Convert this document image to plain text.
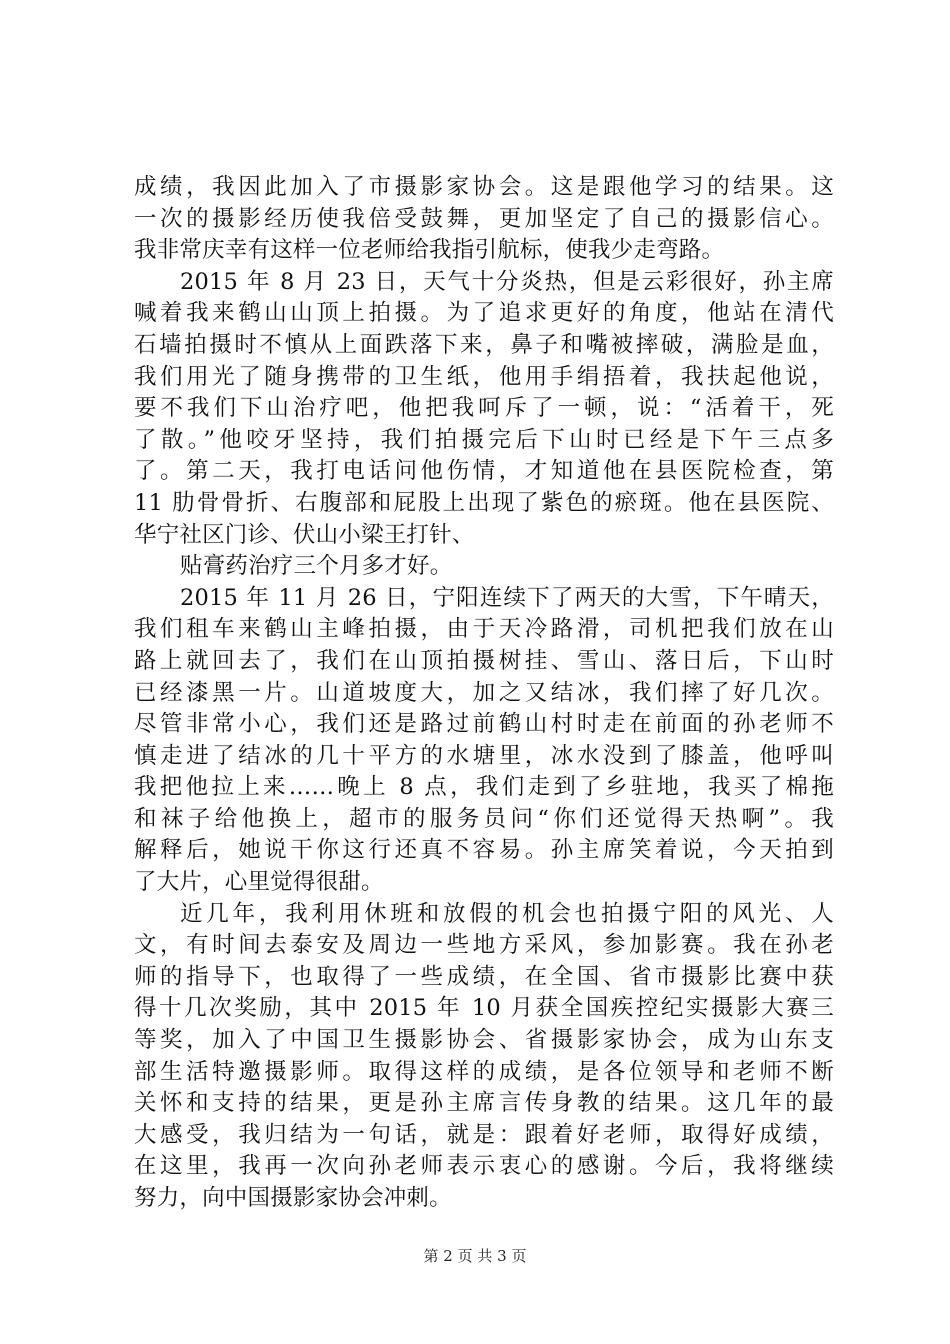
成绩，我因此加入了市摄影家协会。这是跟他学习的结果。这
一次的摄影经历使我倍受鼓舞，更加坚定了自己的摄影信心。
我非常庆幸有这样一位老师给我指引航标，使我少走弯路。
2015 年 8 月 23 日，天气十分炎热，但是云彩很好，孙主席
喊着我来鹤山山顶上拍摄。为了追求更好的角度，他站在清代
石墙拍摄时不慎从上面跌落下来，鼻子和嘴被摔破，满脸是血，
我们用光了随身携带的卫生纸，他用手绢捂着，我扶起他说，
要不我们下山治疗吧，他把我呵斥了一顿，说：“活着干，死
了散。”他咬牙坚持，我们拍摄完后下山时已经是下午三点多
了。第二天，我打电话问他伤情，才知道他在县医院检查，第
11 肋骨骨折、右腹部和屁股上出现了紫色的瘀斑。他在县医院、
华宁社区门诊、伏山小梁王打针、
贴膏药治疗三个月多才好。
2015 年 11 月 26 日，宁阳连续下了两天的大雪，下午晴天，
我们租车来鹤山主峰拍摄，由于天冷路滑，司机把我们放在山
路上就回去了，我们在山顶拍摄树挂、雪山、落日后，下山时
已经漆黑一片。山道坡度大，加之又结冰，我们摔了好几次。
尽管非常小心，我们还是路过前鹤山村时走在前面的孙老师不
慎走进了结冰的几十平方的水塘里，冰水没到了膝盖，他呼叫
我把他拉上来……晚上 8 点，我们走到了乡驻地，我买了棉拖
和袜子给他换上，超市的服务员问“你们还觉得天热啊”。我
解释后，她说干你这行还真不容易。孙主席笑着说，今天拍到
了大片，心里觉得很甜。
近几年，我利用休班和放假的机会也拍摄宁阳的风光、人
文，有时间去泰安及周边一些地方采风，参加影赛。我在孙老
师的指导下，也取得了一些成绩，在全国、省市摄影比赛中获
得十几次奖励，其中 2015 年 10 月获全国疾控纪实摄影大赛三
等奖，加入了中国卫生摄影协会、省摄影家协会，成为山东支
部生活特邀摄影师。取得这样的成绩，是各位领导和老师不断
关怀和支持的结果，更是孙主席言传身教的结果。这几年的最
大感受，我归结为一句话，就是：跟着好老师，取得好成绩，
在这里，我再一次向孙老师表示衷心的感谢。今后，我将继续
努力，向中国摄影家协会冲刺。
第 2 页 共 3 页
